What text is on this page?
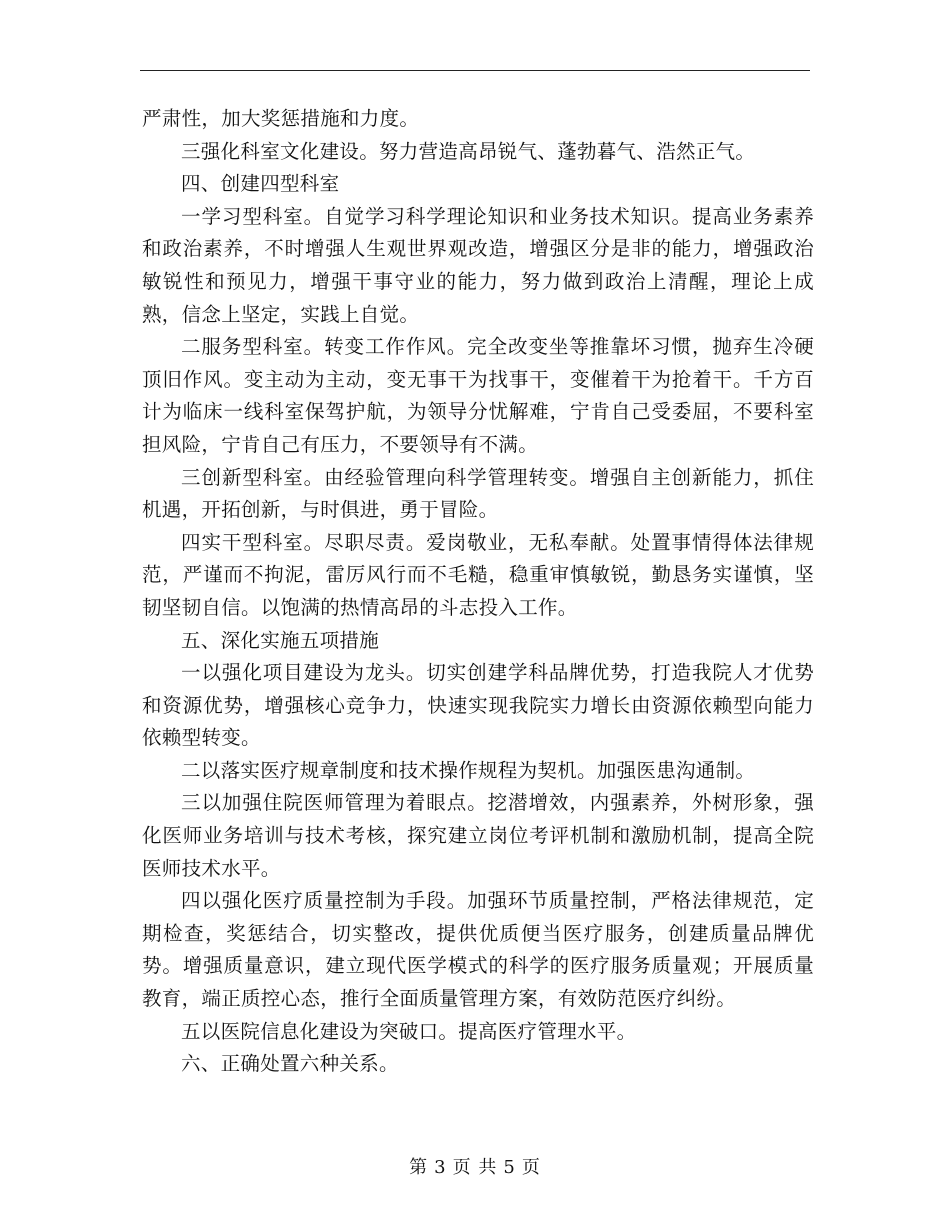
严肃性，加大奖惩措施和力度。

三强化科室文化建设。努力营造高昂锐气、蓬勃暮气、浩然正气。

四、创建四型科室

一学习型科室。自觉学习科学理论知识和业务技术知识。提高业务素养和政治素养，不时增强人生观世界观改造，增强区分是非的能力，增强政治敏锐性和预见力，增强干事守业的能力，努力做到政治上清醒，理论上成熟，信念上坚定，实践上自觉。

二服务型科室。转变工作作风。完全改变坐等推靠坏习惯，抛弃生冷硬顶旧作风。变主动为主动，变无事干为找事干，变催着干为抢着干。千方百计为临床一线科室保驾护航，为领导分忧解难，宁肯自己受委屈，不要科室担风险，宁肯自己有压力，不要领导有不满。

三创新型科室。由经验管理向科学管理转变。增强自主创新能力，抓住机遇，开拓创新，与时俱进，勇于冒险。

四实干型科室。尽职尽责。爱岗敬业，无私奉献。处置事情得体法律规范，严谨而不拘泥，雷厉风行而不毛糙，稳重审慎敏锐，勤恳务实谨慎，坚韧坚韧自信。以饱满的热情高昂的斗志投入工作。

五、深化实施五项措施

一以强化项目建设为龙头。切实创建学科品牌优势，打造我院人才优势和资源优势，增强核心竞争力，快速实现我院实力增长由资源依赖型向能力依赖型转变。

二以落实医疗规章制度和技术操作规程为契机。加强医患沟通制。

三以加强住院医师管理为着眼点。挖潜增效，内强素养，外树形象，强化医师业务培训与技术考核，探究建立岗位考评机制和激励机制，提高全院医师技术水平。

四以强化医疗质量控制为手段。加强环节质量控制，严格法律规范，定期检查，奖惩结合，切实整改，提供优质便当医疗服务，创建质量品牌优势。增强质量意识，建立现代医学模式的科学的医疗服务质量观；开展质量教育，端正质控心态，推行全面质量管理方案，有效防范医疗纠纷。

五以医院信息化建设为突破口。提高医疗管理水平。

六、正确处置六种关系。

第 3 页 共 5 页
